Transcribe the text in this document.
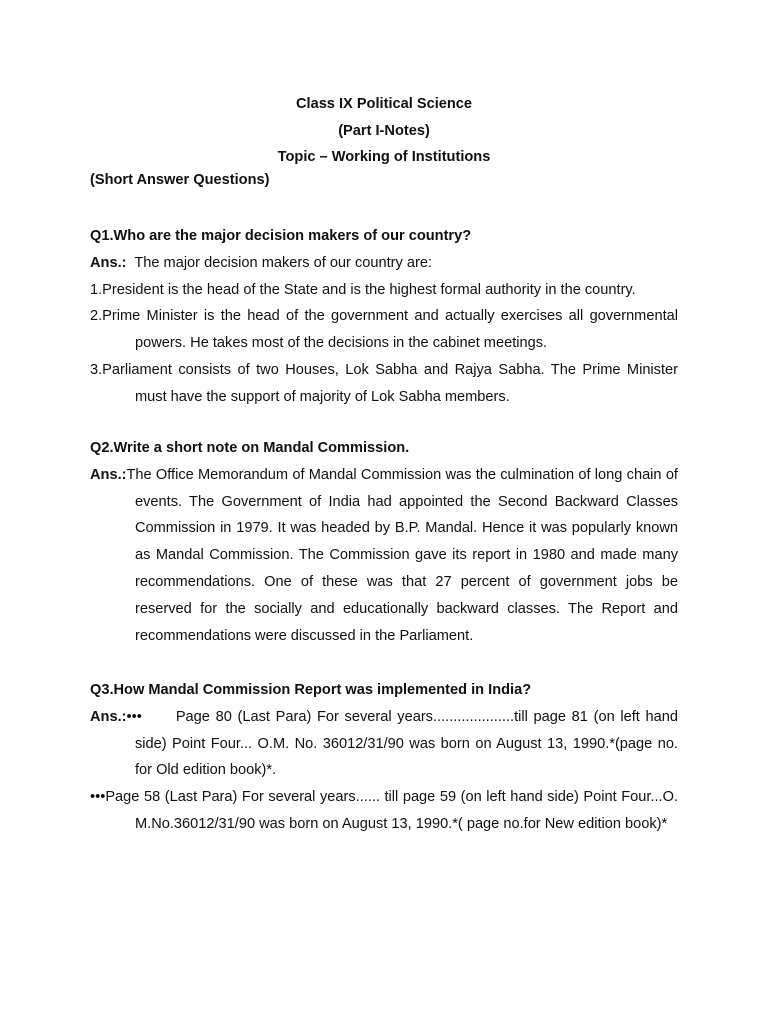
Class IX Political Science
(Part I-Notes)
Topic – Working of Institutions
(Short Answer Questions)

Q1.Who are the major decision makers of our country?

Ans.: The major decision makers of our country are:

1.President is the head of the State and is the highest formal authority in the country.

2.Prime Minister is the head of the government and actually exercises all governmental powers. He takes most of the decisions in the cabinet meetings.

3.Parliament consists of two Houses, Lok Sabha and Rajya Sabha. The Prime Minister must have the support of majority of Lok Sabha members.

Q2.Write a short note on Mandal Commission.

Ans.:The Office Memorandum of Mandal Commission was the culmination of long chain of events. The Government of India had appointed the Second Backward Classes Commission in 1979. It was headed by B.P. Mandal. Hence it was popularly known as Mandal Commission. The Commission gave its report in 1980 and made many recommendations. One of these was that 27 percent of government jobs be reserved for the socially and educationally backward classes. The Report and recommendations were discussed in the Parliament.

Q3.How Mandal Commission Report was implemented in India?

Ans.:••• Page 80 (Last Para) For several years....................till page 81 (on left hand side) Point Four... O.M. No. 36012/31/90 was born on August 13, 1990.*(page no. for Old edition book)*.

•••Page 58 (Last Para) For several years...... till page 59 (on left hand side) Point Four...O. M.No.36012/31/90 was born on August 13, 1990.*( page no.for New edition book)*
